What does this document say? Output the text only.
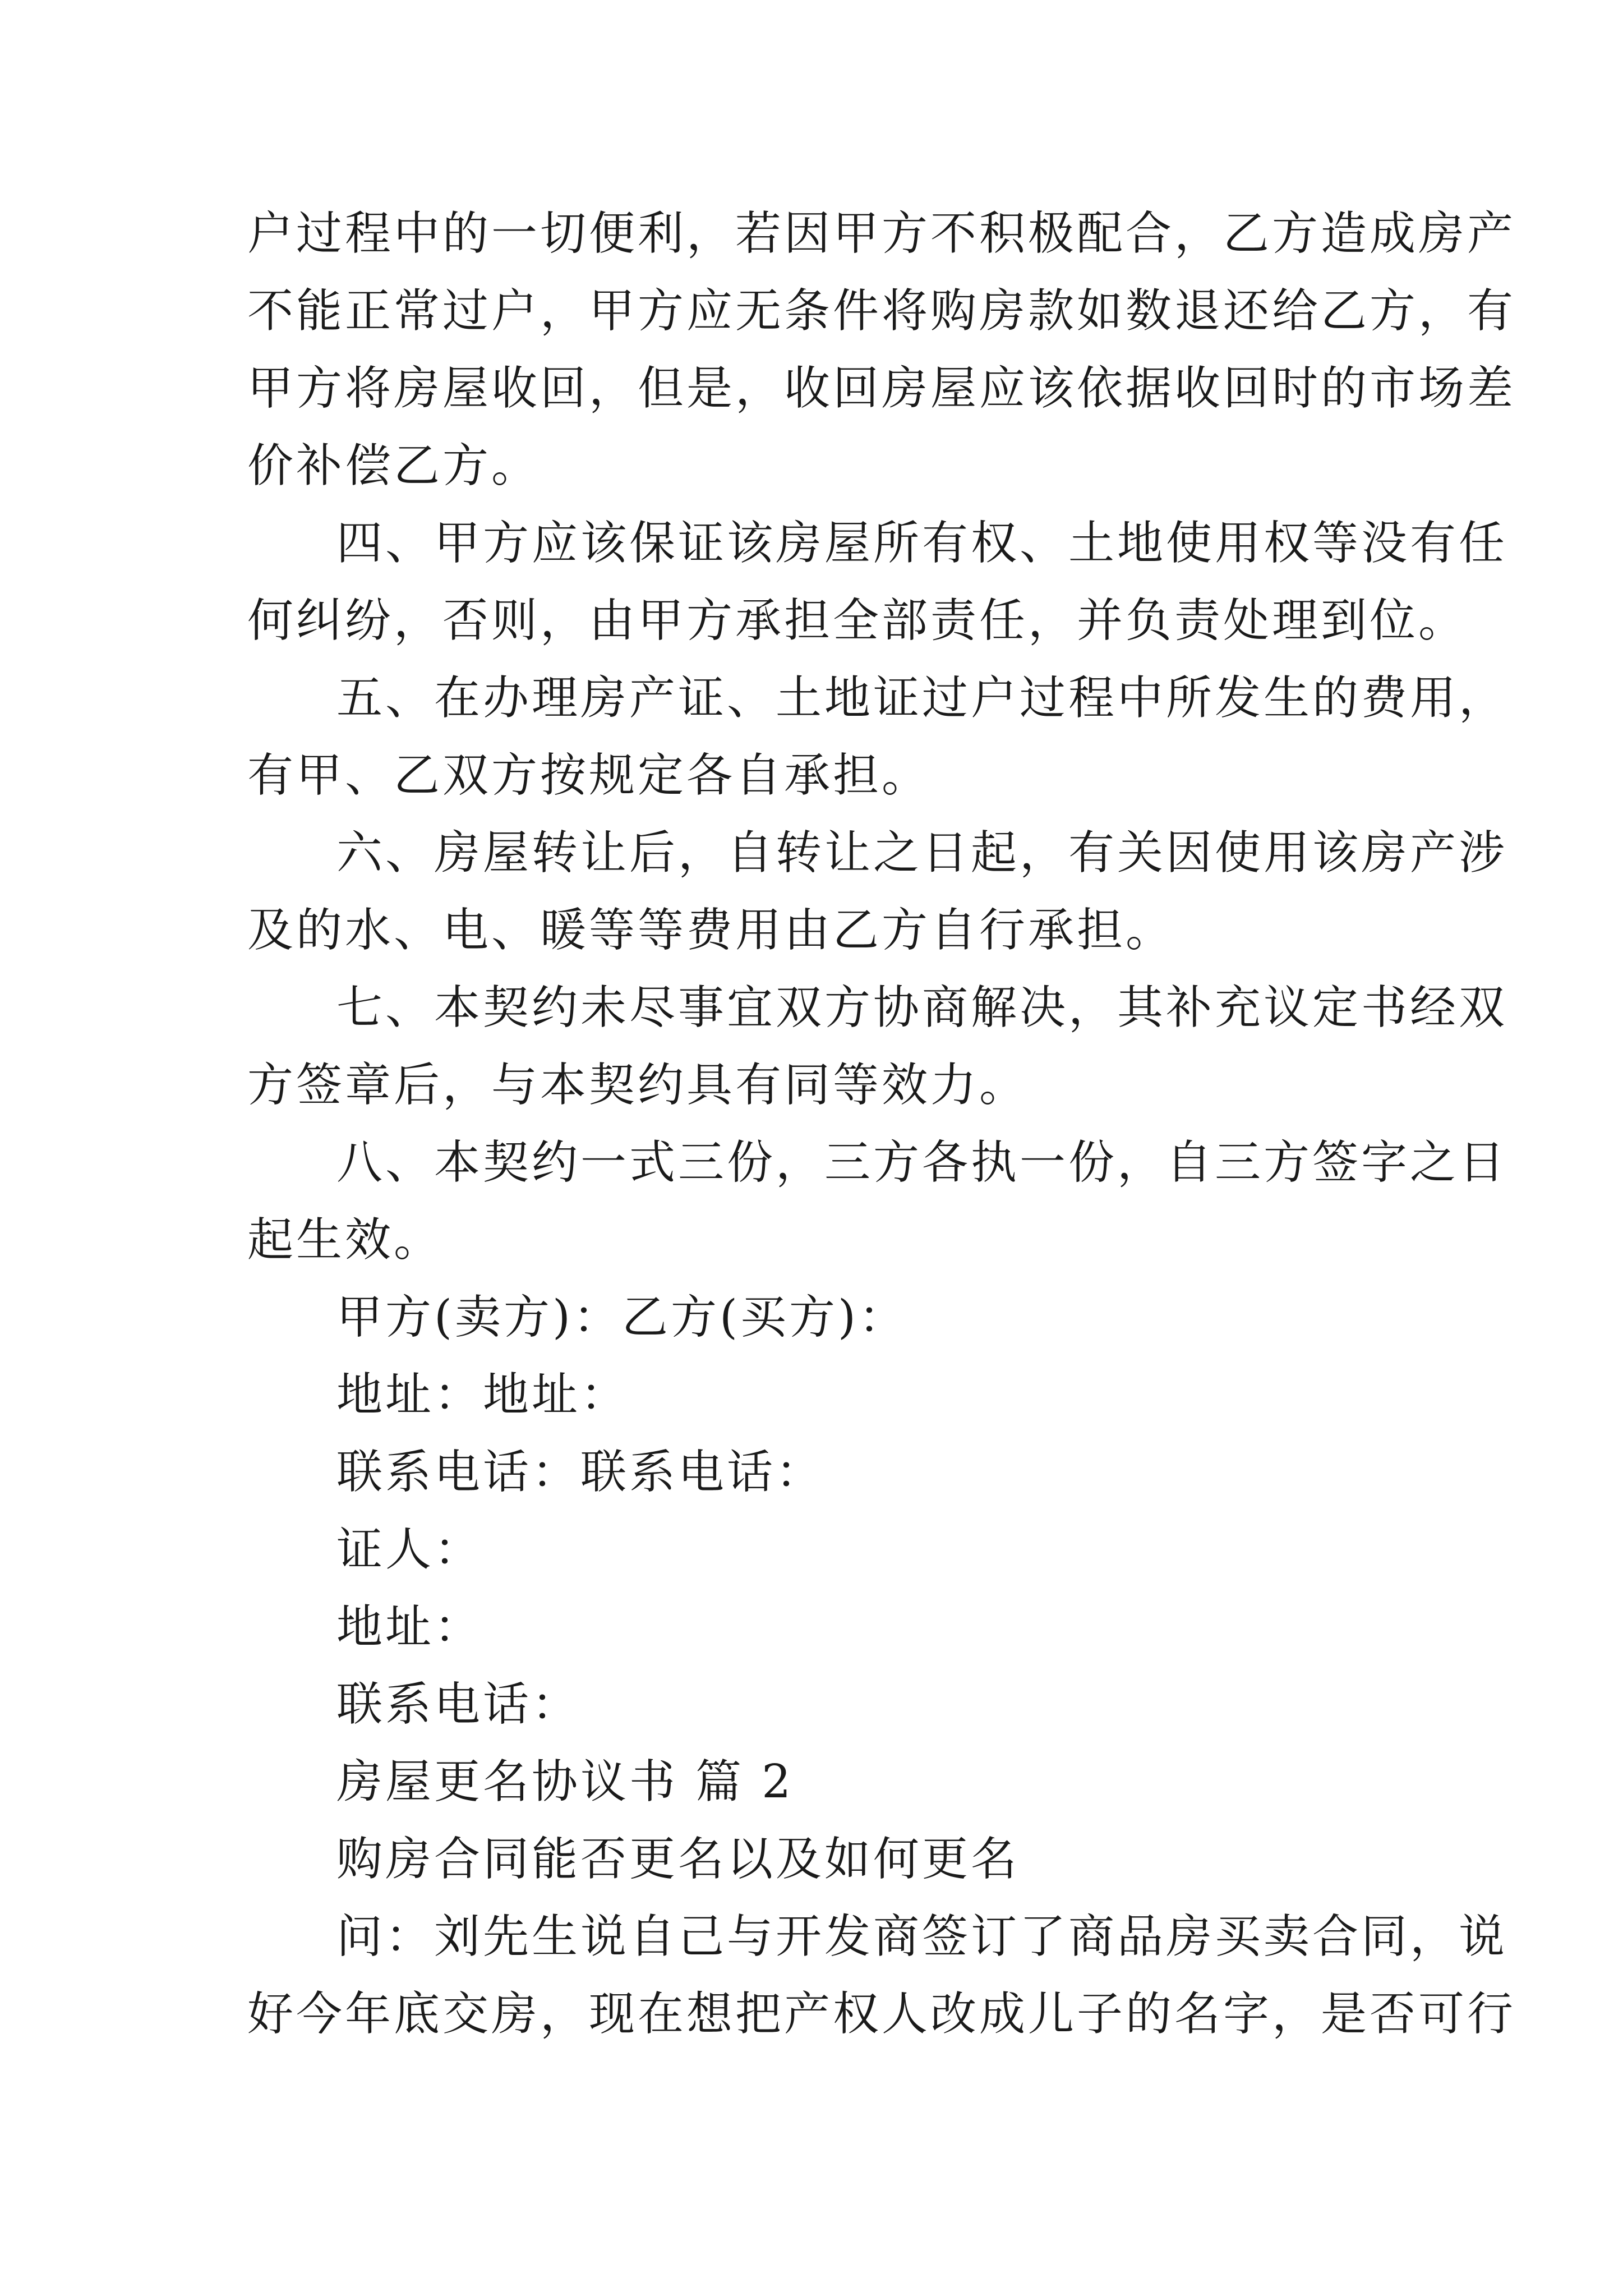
户过程中的一切便利，若因甲方不积极配合，乙方造成房产

不能正常过户，甲方应无条件将购房款如数退还给乙方，有

甲方将房屋收回，但是，收回房屋应该依据收回时的市场差

价补偿乙方。

四、甲方应该保证该房屋所有权、土地使用权等没有任

何纠纷，否则，由甲方承担全部责任，并负责处理到位。

五、在办理房产证、土地证过户过程中所发生的费用，

有甲、乙双方按规定各自承担。

六、房屋转让后，自转让之日起，有关因使用该房产涉

及的水、电、暖等等费用由乙方自行承担。

七、本契约未尽事宜双方协商解决，其补充议定书经双

方签章后，与本契约具有同等效力。

八、本契约一式三份，三方各执一份，自三方签字之日

起生效。

甲方(卖方)：乙方(买方)：

地址：地址：

联系电话：联系电话：

证人：

地址：

联系电话：

房屋更名协议书 篇 2

购房合同能否更名以及如何更名

问：刘先生说自己与开发商签订了商品房买卖合同，说

好今年底交房，现在想把产权人改成儿子的名字，是否可行
